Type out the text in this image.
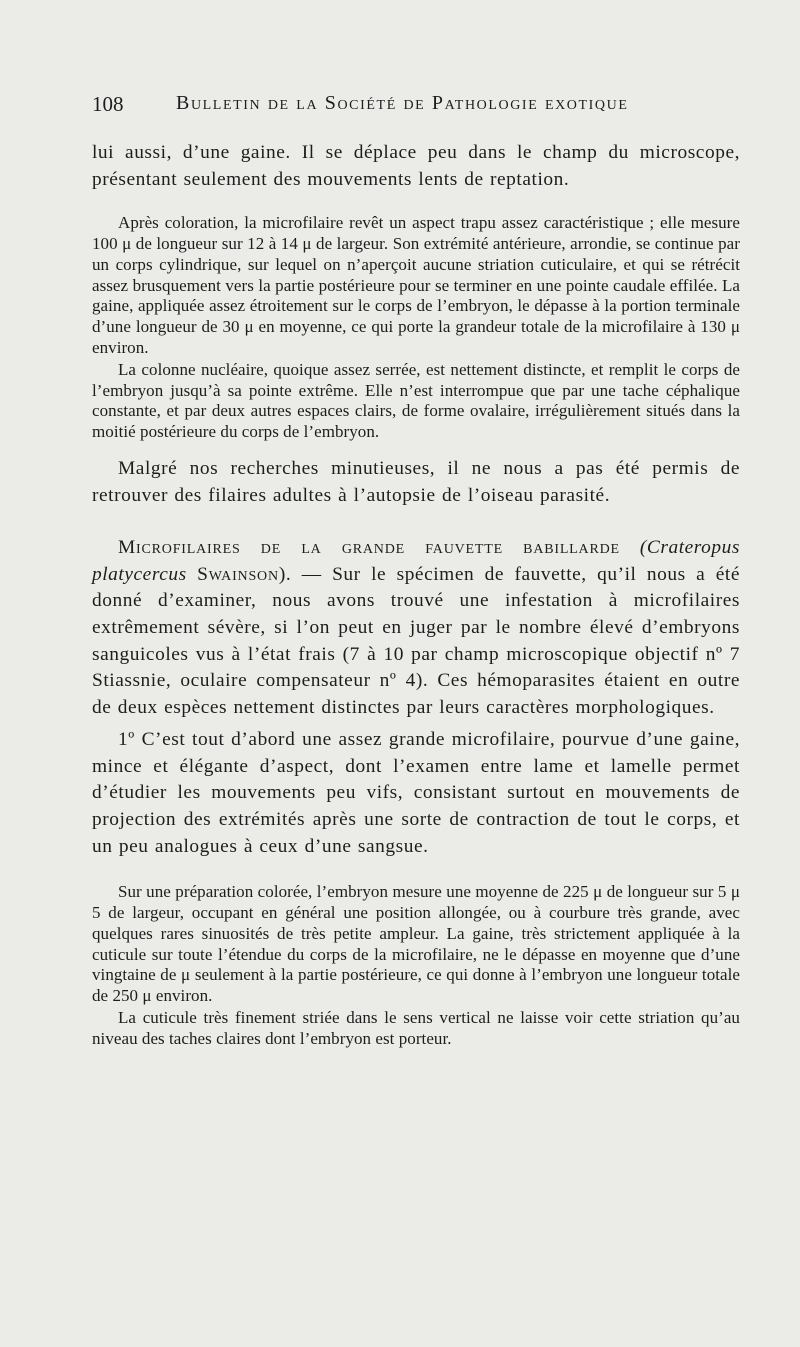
108	Bulletin de la Société de Pathologie exotique

lui aussi, d’une gaine. Il se déplace peu dans le champ du microscope, présentant seulement des mouvements lents de reptation.

Après coloration, la microfilaire revêt un aspect trapu assez caractéristique ; elle mesure 100 μ de longueur sur 12 à 14 μ de largeur. Son extrémité antérieure, arrondie, se continue par un corps cylindrique, sur lequel on n’aperçoit aucune striation cuticulaire, et qui se rétrécit assez brusquement vers la partie postérieure pour se terminer en une pointe caudale effilée. La gaine, appliquée assez étroitement sur le corps de l’embryon, le dépasse à la portion terminale d’une longueur de 30 μ en moyenne, ce qui porte la grandeur totale de la microfilaire à 130 μ environ.

La colonne nucléaire, quoique assez serrée, est nettement distincte, et remplit le corps de l’embryon jusqu’à sa pointe extrême. Elle n’est interrompue que par une tache céphalique constante, et par deux autres espaces clairs, de forme ovalaire, irrégulièrement situés dans la moitié postérieure du corps de l’embryon.

Malgré nos recherches minutieuses, il ne nous a pas été permis de retrouver des filaires adultes à l’autopsie de l’oiseau parasité.

Microfilaires de la grande fauvette babillarde (Crateropus platycercus Swainson). — Sur le spécimen de fauvette, qu’il nous a été donné d’examiner, nous avons trouvé une infestation à microfilaires extrêmement sévère, si l’on peut en juger par le nombre élevé d’embryons sanguicoles vus à l’état frais (7 à 10 par champ microscopique objectif nº 7 Stiassnie, oculaire compensateur nº 4). Ces hémoparasites étaient en outre de deux espèces nettement distinctes par leurs caractères morphologiques.

1º C’est tout d’abord une assez grande microfilaire, pourvue d’une gaine, mince et élégante d’aspect, dont l’examen entre lame et lamelle permet d’étudier les mouvements peu vifs, consistant surtout en mouvements de projection des extrémités après une sorte de contraction de tout le corps, et un peu analogues à ceux d’une sangsue.

Sur une préparation colorée, l’embryon mesure une moyenne de 225 μ de longueur sur 5 μ 5 de largeur, occupant en général une position allongée, ou à courbure très grande, avec quelques rares sinuosités de très petite ampleur. La gaine, très strictement appliquée à la cuticule sur toute l’étendue du corps de la microfilaire, ne le dépasse en moyenne que d’une vingtaine de μ seulement à la partie postérieure, ce qui donne à l’embryon une longueur totale de 250 μ environ.

La cuticule très finement striée dans le sens vertical ne laisse voir cette striation qu’au niveau des taches claires dont l’embryon est porteur.
